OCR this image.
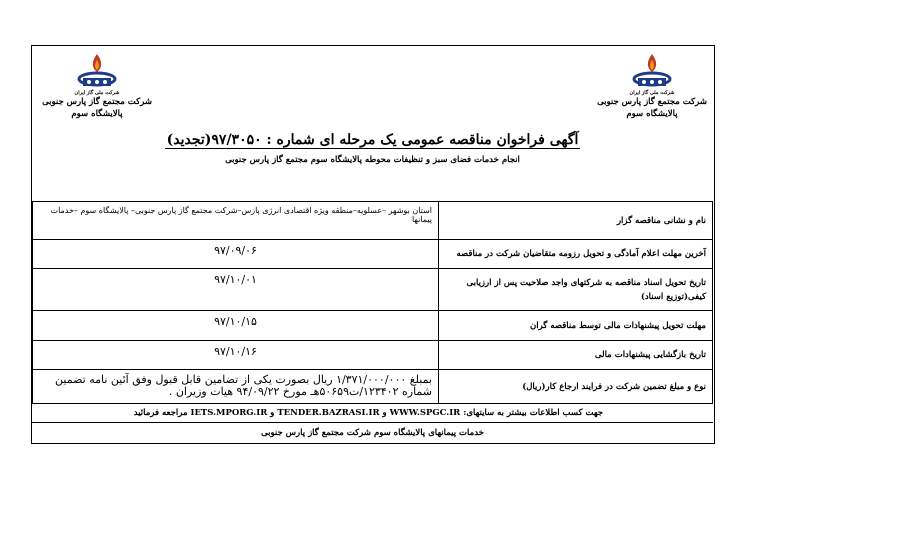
شرکت ملی گاز ایران
شرکت مجتمع گاز پارس جنوبی
پالایشگاه سوم
شرکت ملی گاز ایران
شرکت مجتمع گاز پارس جنوبی
پالایشگاه سوم
آگهی فراخوان مناقصه عمومی یک مرحله ای شماره : ۹۷/۳۰۵۰(تجدید)
انجام خدمات فضای سبز و تنظیفات محوطه پالایشگاه سوم مجتمع گاز پارس جنوبی
استان بوشهر –عسلویه–منطقه ویژه اقتصادی انرژی پارس–شرکت مجتمع گاز پارس جنوبی– پالایشگاه سوم –خدمات پیمانها	نام و نشانی مناقصه گزار
۹۷/۰۹/۰۶	آخرین مهلت اعلام آمادگی و تحویل رزومه متقاضیان شرکت در مناقصه
۹۷/۱۰/۰۱	تاریخ تحویل اسناد مناقصه به شرکتهای واجد صلاحیت پس از ارزیابی کیفی(توزیع اسناد)
۹۷/۱۰/۱۵	مهلت تحویل پیشنهادات مالی توسط مناقصه گران
۹۷/۱۰/۱۶	تاریخ بازگشایی پیشنهادات مالی
بمبلغ ۱/۳۷۱/۰۰۰/۰۰۰ ریال بصورت یکی از تضامین قابل قبول وفق آئین نامه تضمین شماره ۱۲۳۴۰۲/ت۵۰۶۵۹هـ مورخ ۹۴/۰۹/۲۲ هیات وزیران .	نوع و مبلغ تضمین شرکت در فرایند ارجاع کار(ریال)
جهت کسب اطلاعات بیشتر به سایتهای: WWW.SPGC.IR و TENDER.BAZRASI.IR و IETS.MPORG.IR مراجعه فرمائید
خدمات پیمانهای پالایشگاه سوم شرکت مجتمع گاز پارس جنوبی
